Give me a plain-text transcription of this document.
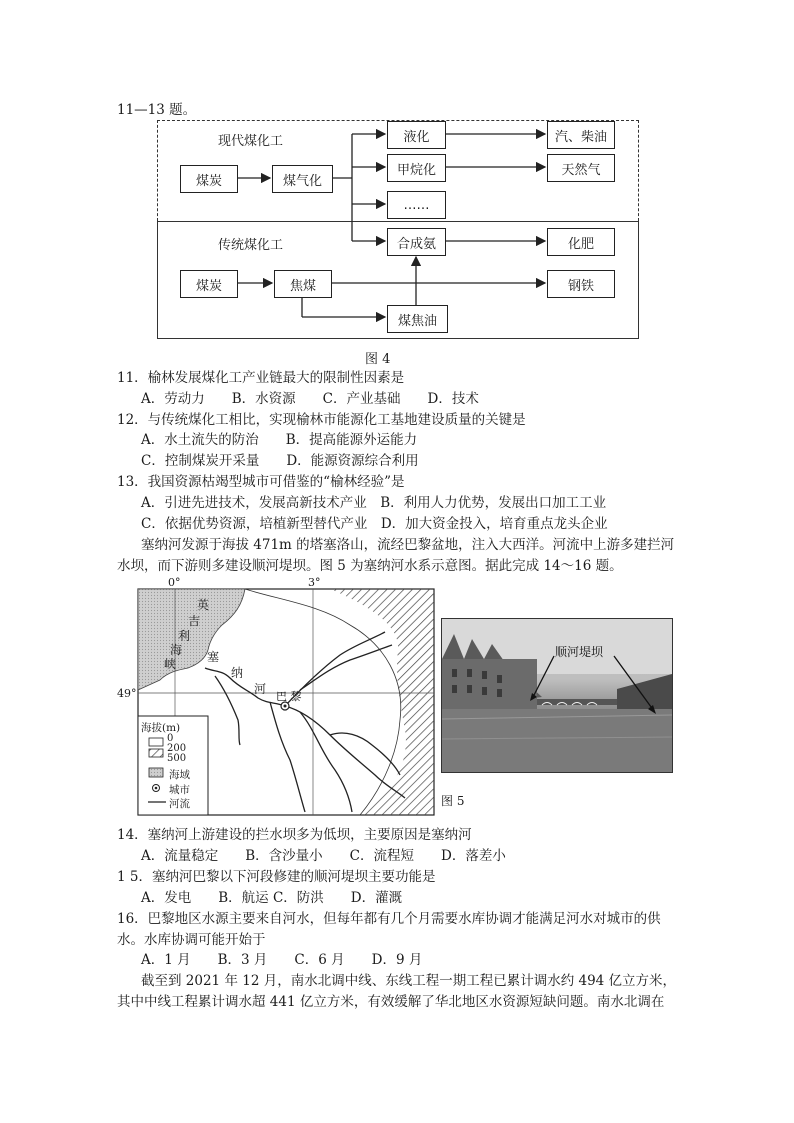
11—13 题。
现代煤化工
传统煤化工
煤炭	煤气化
液化
甲烷化
……
合成氨
汽、柴油
天然气
化肥
煤炭	焦煤	钢铁
煤焦油
图 4
11．榆林发展煤化工产业链最大的限制性因素是
A．劳动力　　B．水资源　　C．产业基础　　D．技术
12．与传统煤化工相比，实现榆林市能源化工基地建设质量的关键是
A．水土流失的防治　　B．提高能源外运能力
C．控制煤炭开采量　　D．能源资源综合利用
13．我国资源枯竭型城市可借鉴的“榆林经验”是
A．引进先进技术，发展高新技术产业　B．利用人力优势，发展出口加工工业
C．依据优势资源，培植新型替代产业　D．加大资金投入，培育重点龙头企业
塞纳河发源于海拔 471m 的塔塞洛山，流经巴黎盆地，注入大西洋。河流中上游多建拦河
水坝，而下游则多建设顺河堤坝。图 5 为塞纳河水系示意图。据此完成 14～16 题。
0°	3°
49°
英
吉
利
海
峡	塞
纳
河
巴 黎
海拔(m)
0
200
500
海域
城市
河流
顺河堤坝
图 5
14．塞纳河上游建设的拦水坝多为低坝，主要原因是塞纳河
A．流量稳定　　B．含沙量小　　C．流程短　　D．落差小
1 5．塞纳河巴黎以下河段修建的顺河堤坝主要功能是
A．发电　　B．航运 C．防洪　　D．灌溉
16．巴黎地区水源主要来自河水，但每年都有几个月需要水库协调才能满足河水对城市的供
水。水库协调可能开始于
A．1 月　　B．3 月　　C．6 月　　D．9 月
截至到 2021 年 12 月，南水北调中线、东线工程一期工程已累计调水约 494 亿立方米，
其中中线工程累计调水超 441 亿立方米，有效缓解了华北地区水资源短缺问题。南水北调在
